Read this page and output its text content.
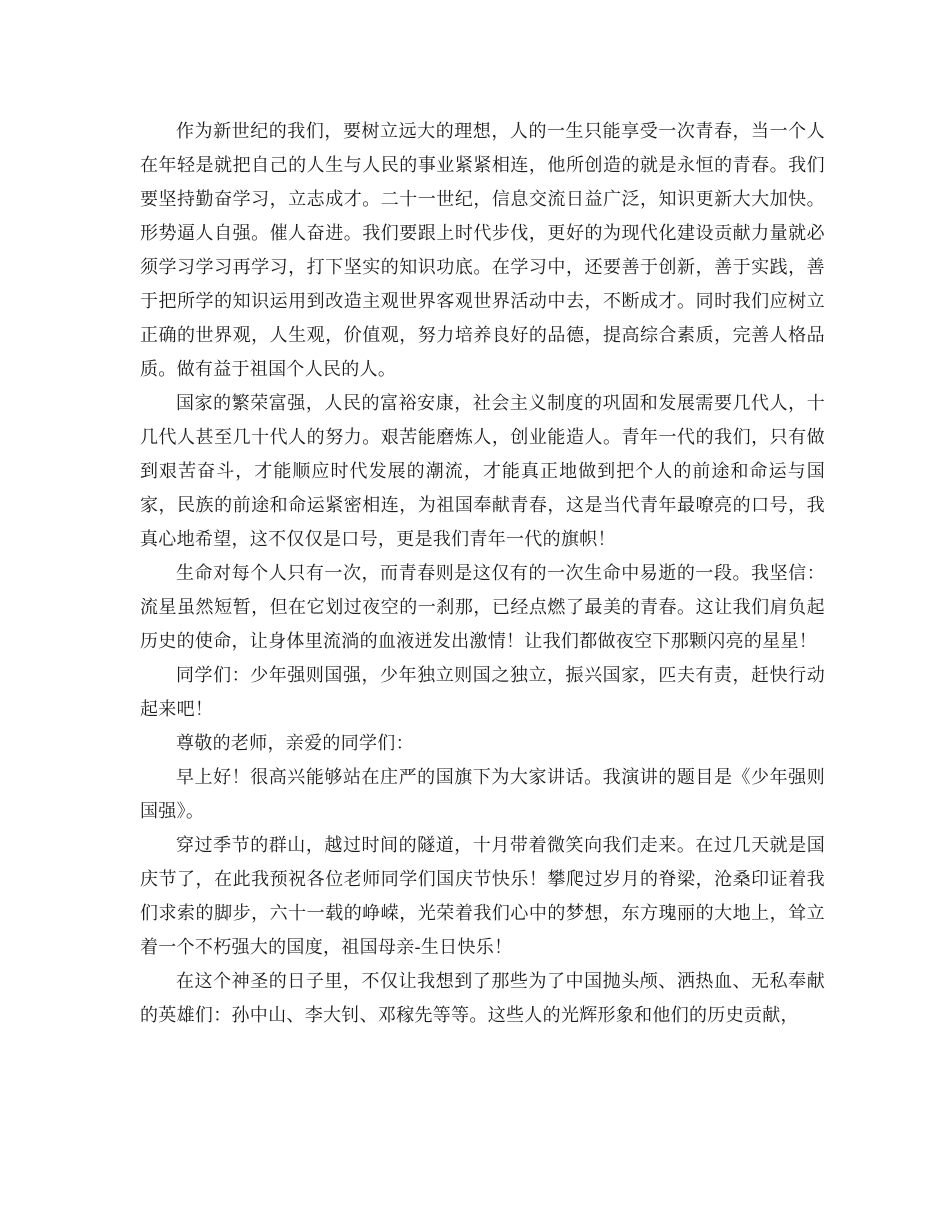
作为新世纪的我们，要树立远大的理想，人的一生只能享受一次青春，当一个人在年轻是就把自己的人生与人民的事业紧紧相连，他所创造的就是永恒的青春。我们要坚持勤奋学习，立志成才。二十一世纪，信息交流日益广泛，知识更新大大加快。形势逼人自强。催人奋进。我们要跟上时代步伐，更好的为现代化建设贡献力量就必须学习学习再学习，打下坚实的知识功底。在学习中，还要善于创新，善于实践，善于把所学的知识运用到改造主观世界客观世界活动中去，不断成才。同时我们应树立正确的世界观，人生观，价值观，努力培养良好的品德，提高综合素质，完善人格品质。做有益于祖国个人民的人。

国家的繁荣富强，人民的富裕安康，社会主义制度的巩固和发展需要几代人，十几代人甚至几十代人的努力。艰苦能磨炼人，创业能造人。青年一代的我们，只有做到艰苦奋斗，才能顺应时代发展的潮流，才能真正地做到把个人的前途和命运与国家，民族的前途和命运紧密相连，为祖国奉献青春，这是当代青年最嘹亮的口号，我真心地希望，这不仅仅是口号，更是我们青年一代的旗帜！

生命对每个人只有一次，而青春则是这仅有的一次生命中易逝的一段。我坚信：流星虽然短暂，但在它划过夜空的一刹那，已经点燃了最美的青春。这让我们肩负起历史的使命，让身体里流淌的血液迸发出激情！让我们都做夜空下那颗闪亮的星星！

同学们：少年强则国强，少年独立则国之独立，振兴国家，匹夫有责，赶快行动起来吧！

尊敬的老师，亲爱的同学们：

早上好！很高兴能够站在庄严的国旗下为大家讲话。我演讲的题目是《少年强则国强》。

穿过季节的群山，越过时间的隧道，十月带着微笑向我们走来。在过几天就是国庆节了，在此我预祝各位老师同学们国庆节快乐！攀爬过岁月的脊梁，沧桑印证着我们求索的脚步，六十一载的峥嵘，光荣着我们心中的梦想，东方瑰丽的大地上，耸立着一个不朽强大的国度，祖国母亲-生日快乐！

在这个神圣的日子里，不仅让我想到了那些为了中国抛头颅、洒热血、无私奉献的英雄们：孙中山、李大钊、邓稼先等等。这些人的光辉形象和他们的历史贡献，
